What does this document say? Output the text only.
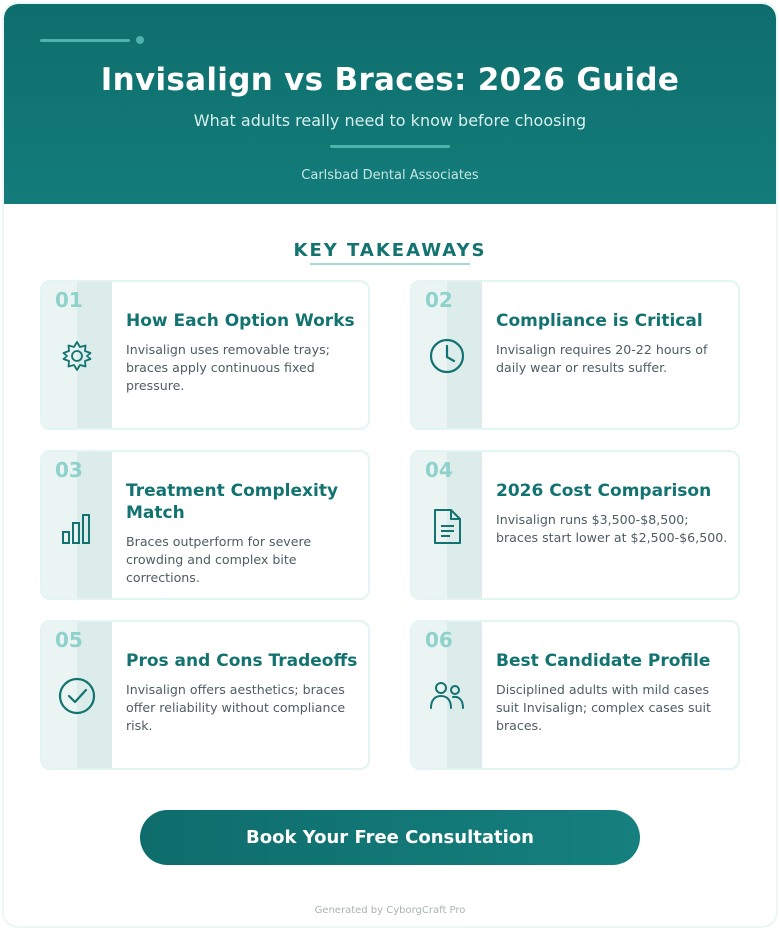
Invisalign vs Braces: 2026 Guide
What adults really need to know before choosing
Carlsbad Dental Associates
KEY TAKEAWAYS
01
How Each Option Works
Invisalign uses removable trays; braces apply continuous fixed pressure.
02
Compliance is Critical
Invisalign requires 20-22 hours of daily wear or results suffer.
03
Treatment Complexity Match
Braces outperform for severe crowding and complex bite corrections.
04
2026 Cost Comparison
Invisalign runs $3,500-$8,500; braces start lower at $2,500-$6,500.
05
Pros and Cons Tradeoffs
Invisalign offers aesthetics; braces offer reliability without compliance risk.
06
Best Candidate Profile
Disciplined adults with mild cases suit Invisalign; complex cases suit braces.
Book Your Free Consultation
Generated by CyborgCraft Pro
